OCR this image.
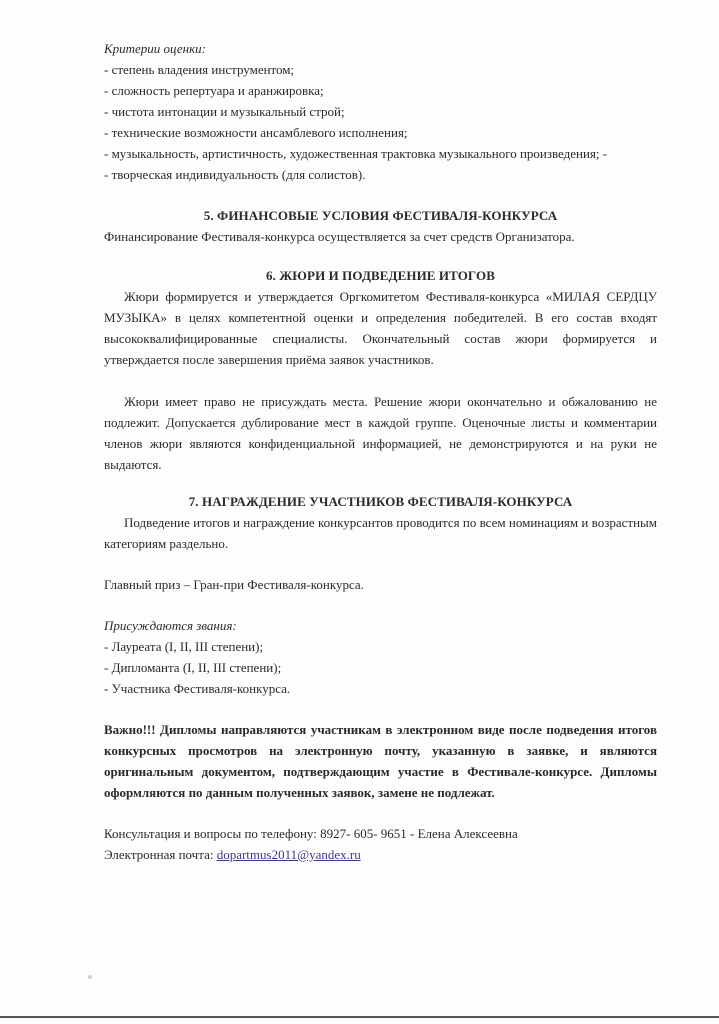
Критерии оценки:

- степень владения инструментом;
- сложность репертуара и аранжировка;
- чистота интонации и музыкальный строй;
- технические возможности ансамблевого исполнения;
- музыкальность, артистичность, художественная трактовка музыкального произведения; -
- творческая индивидуальность (для солистов).

5. ФИНАНСОВЫЕ УСЛОВИЯ ФЕСТИВАЛЯ-КОНКУРСА

Финансирование Фестиваля-конкурса осуществляется за счет средств Организатора.

6. ЖЮРИ И ПОДВЕДЕНИЕ ИТОГОВ

Жюри формируется и утверждается Оргкомитетом Фестиваля-конкурса «МИЛАЯ СЕРДЦУ МУЗЫКА» в целях компетентной оценки и определения победителей. В его состав входят высококвалифицированные специалисты. Окончательный состав жюри формируется и утверждается после завершения приёма заявок участников.

Жюри имеет право не присуждать места. Решение жюри окончательно и обжалованию не подлежит. Допускается дублирование мест в каждой группе. Оценочные листы и комментарии членов жюри являются конфиденциальной информацией, не демонстрируются и на руки не выдаются.

7. НАГРАЖДЕНИЕ УЧАСТНИКОВ ФЕСТИВАЛЯ-КОНКУРСА

Подведение итогов и награждение конкурсантов проводится по всем номинациям и возрастным категориям раздельно.

Главный приз – Гран-при Фестиваля-конкурса.

Присуждаются звания:

- Лауреата (I, II, III степени);
- Дипломанта (I, II, III степени);
- Участника Фестиваля-конкурса.

Важно!!! Дипломы направляются участникам в электронном виде после подведения итогов конкурсных просмотров на электронную почту, указанную в заявке, и являются оригинальным документом, подтверждающим участие в Фестивале-конкурсе. Дипломы оформляются по данным полученных заявок, замене не подлежат.

Консультация и вопросы по телефону: 8927- 605- 9651 - Елена Алексеевна
Электронная почта: dopartmus2011@yandex.ru
